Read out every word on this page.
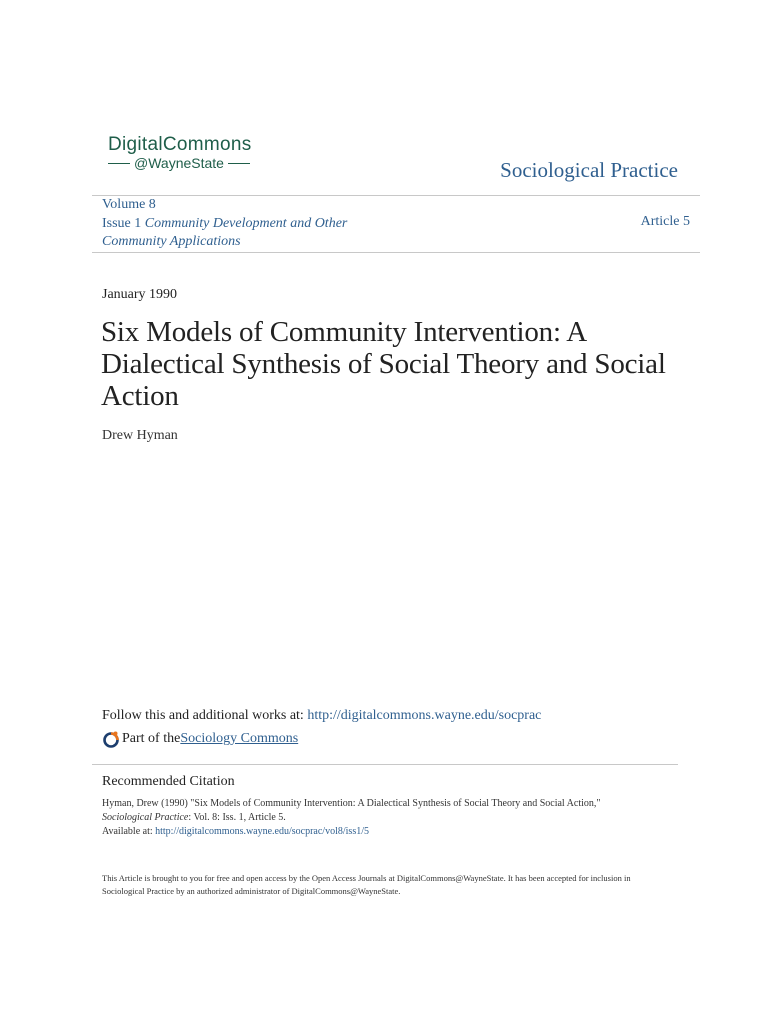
DigitalCommons
@WayneState	Sociological Practice
Volume 8
Issue 1 Community Development and Other
Community Applications
Article 5
January 1990
Six Models of Community Intervention: A Dialectical Synthesis of Social Theory and Social Action
Drew Hyman
Follow this and additional works at: http://digitalcommons.wayne.edu/socprac
Part of the Sociology Commons
Recommended Citation
Hyman, Drew (1990) "Six Models of Community Intervention: A Dialectical Synthesis of Social Theory and Social Action,"
Sociological Practice: Vol. 8: Iss. 1, Article 5.
Available at: http://digitalcommons.wayne.edu/socprac/vol8/iss1/5
This Article is brought to you for free and open access by the Open Access Journals at DigitalCommons@WayneState. It has been accepted for inclusion in Sociological Practice by an authorized administrator of DigitalCommons@WayneState.
